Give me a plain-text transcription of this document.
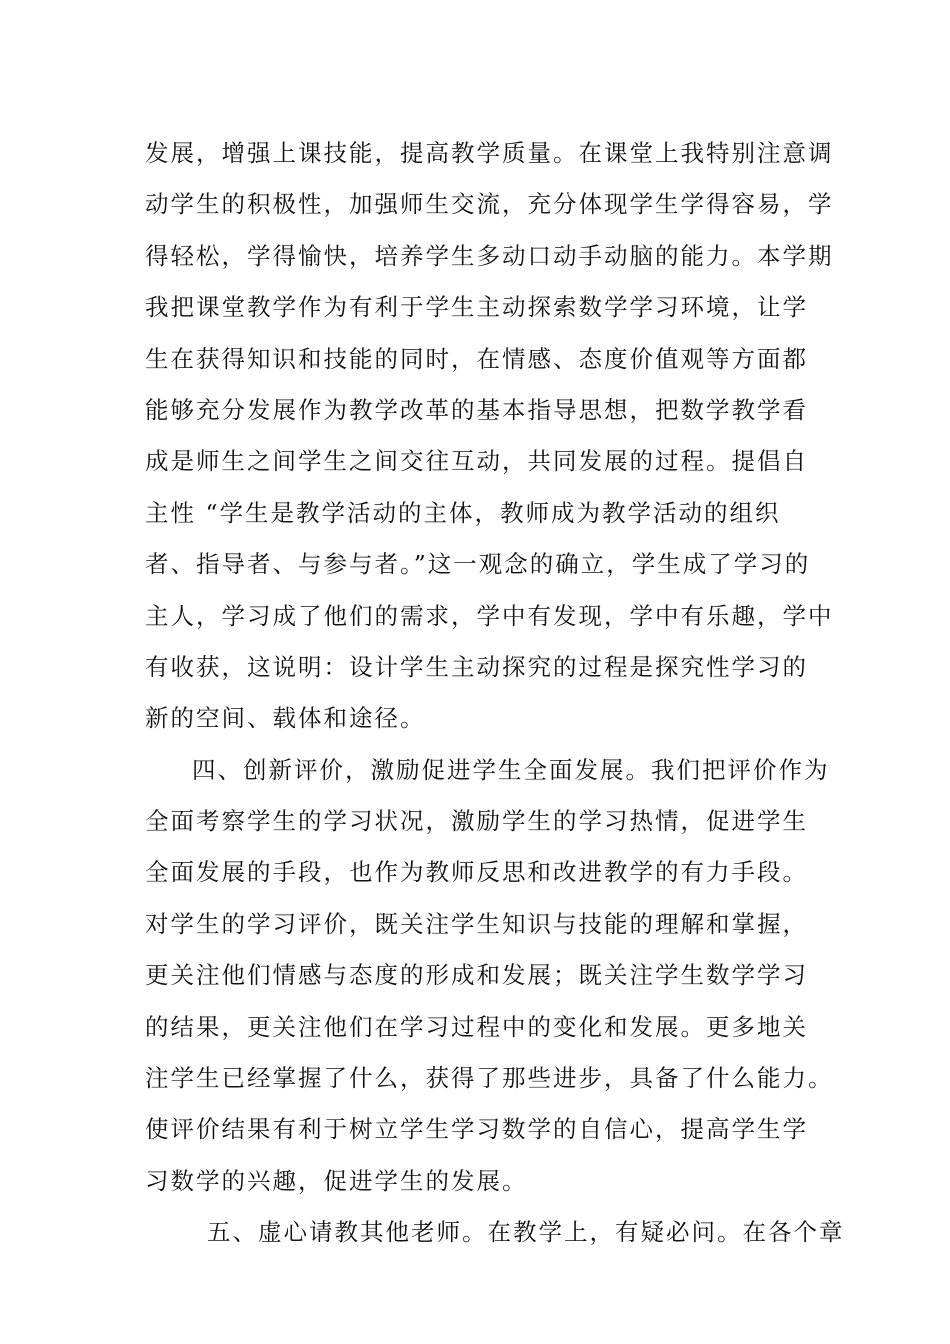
发展，增强上课技能，提高教学质量。在课堂上我特别注意调
动学生的积极性，加强师生交流，充分体现学生学得容易，学
得轻松，学得愉快，培养学生多动口动手动脑的能力。本学期
我把课堂教学作为有利于学生主动探索数学学习环境，让学
生在获得知识和技能的同时，在情感、态度价值观等方面都
能够充分发展作为教学改革的基本指导思想，把数学教学看
成是师生之间学生之间交往互动，共同发展的过程。提倡自
主性 “学生是教学活动的主体，教师成为教学活动的组织
者、指导者、与参与者。”这一观念的确立，学生成了学习的
主人，学习成了他们的需求，学中有发现，学中有乐趣，学中
有收获，这说明：设计学生主动探究的过程是探究性学习的
新的空间、载体和途径。
四、创新评价，激励促进学生全面发展。我们把评价作为
全面考察学生的学习状况，激励学生的学习热情，促进学生
全面发展的手段，也作为教师反思和改进教学的有力手段。
对学生的学习评价，既关注学生知识与技能的理解和掌握，
更关注他们情感与态度的形成和发展；既关注学生数学学习
的结果，更关注他们在学习过程中的变化和发展。更多地关
注学生已经掌握了什么，获得了那些进步，具备了什么能力。
使评价结果有利于树立学生学习数学的自信心，提高学生学
习数学的兴趣，促进学生的发展。
五、虚心请教其他老师。在教学上，有疑必问。在各个章
